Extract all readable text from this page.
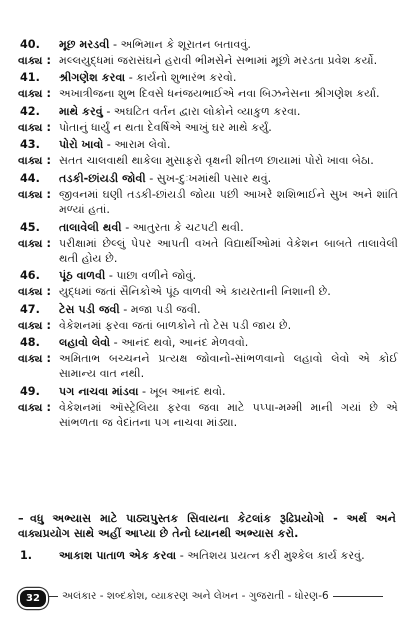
40.	મૂછ મરડવી - અભિમાન કે શૂરાતન બતાવવું.
વાક્ય : મલ્લયુદ્ધમાં જરાસંઘને હરાવી ભીમસેને સભામાં મૂછો મરડતા પ્રવેશ કર્યો.
41.	શ્રીગણેશ કરવા - કાર્યનો શુભારંભ કરવો.
વાક્ય : અખાત્રીજના શુભ દિવસે ધનંજયભાઈએ નવા બિઝનેસના શ્રીગણેશ કર્યા.
42.	માથે કરવું - અઘટિત વર્તન દ્વારા લોકોને વ્યાકુળ કરવા.
વાક્ય : પોતાનું ધાર્યું ન થતા દેવર્ષિએ આખું ઘર માથે કર્યું.
43.	પોરો ખાવો - આરામ લેવો.
વાક્ય : સતત ચાલવાથી થાકેલા મુસાફરો વૃક્ષની શીતળ છાયામાં પોરો ખાવા બેઠા.
44.	તડકી-છાંયડી જોવી - સુખ-દુઃખમાંથી પસાર થવું.
વાક્ય : જીવનમાં ઘણી તડકી-છાંયડી જોયા પછી આખરે શશિભાઈને સુખ અને શાંતિ મળ્યાં હતાં.
45.	તાલાવેલી થવી - આતુરતા કે ચટપટી થવી.
વાક્ય : પરીક્ષામાં છેલ્લું પેપર આપતી વખતે વિદ્યાર્થીઓમાં વેકેશન બાબતે તાલાવેલી થતી હોય છે.
46.	પૂંઠ વાળવી - પાછા વળીને જોવું.
વાક્ય : યુદ્ધમાં જતાં સૈનિકોએ પૂંઠ વાળવી એ કાયરતાની નિશાની છે.
47.	ટેસ પડી જવી - મજા પડી જવી.
વાક્ય : વેકેશનમાં ફરવા જતાં બાળકોને તો ટેસ પડી જાય છે.
48.	લહાવો લેવો - આનંદ થવો, આનંદ મેળવવો.
વાક્ય : અમિતાભ બચ્ચનને પ્રત્યક્ષ જોવાનો-સાંભળવાનો લહાવો લેવો એ કોઈ સામાન્ય વાત નથી.
49.	પગ નાચવા માંડવા - ખૂબ આનંદ થવો.
વાક્ય : વેકેશનમાં ઑસ્ટ્રેલિયા ફરવા જવા માટે પપ્પા-મમ્મી માની ગયાં છે એ સાંભળતા જ વેદાંતના પગ નાચવા માંડ્યા.
– વધુ અભ્યાસ માટે પાઠ્યપુસ્તક સિવાયના કેટલાંક રૂઢિપ્રયોગો - અર્થ અને વાક્યપ્રયોગ સાથે અહીં આપ્યા છે તેનો ધ્યાનથી અભ્યાસ કરો.
1.	આકાશ પાતાળ એક કરવા - અતિશય પ્રયત્ન કરી મુશ્કેલ કાર્ય કરવું.
32	અલંકાર - શબ્દકોશ, વ્યાકરણ અને લેખન - ગુજરાતી - ધોરણ-6
